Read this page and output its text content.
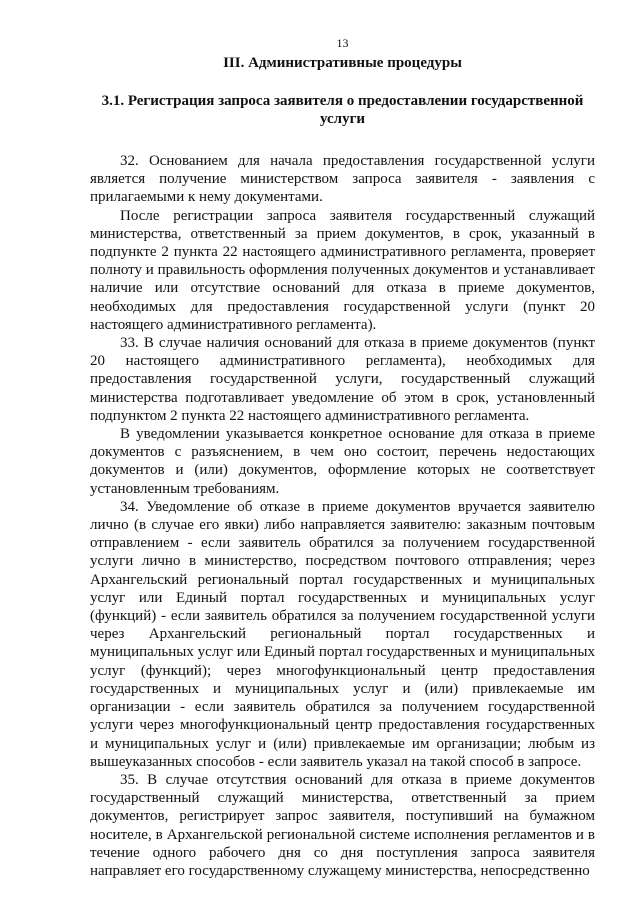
13
III. Административные процедуры
3.1. Регистрация запроса заявителя о предоставлении государственной услуги

32. Основанием для начала предоставления государственной услуги является получение министерством запроса заявителя - заявления с прилагаемыми к нему документами.

После регистрации запроса заявителя государственный служащий министерства, ответственный за прием документов, в срок, указанный в подпункте 2 пункта 22 настоящего административного регламента, проверяет полноту и правильность оформления полученных документов и устанавливает наличие или отсутствие оснований для отказа в приеме документов, необходимых для предоставления государственной услуги (пункт 20 настоящего административного регламента).

33. В случае наличия оснований для отказа в приеме документов (пункт 20 настоящего административного регламента), необходимых для предоставления государственной услуги, государственный служащий министерства подготавливает уведомление об этом в срок, установленный подпунктом 2 пункта 22 настоящего административного регламента.

В уведомлении указывается конкретное основание для отказа в приеме документов с разъяснением, в чем оно состоит, перечень недостающих документов и (или) документов, оформление которых не соответствует установленным требованиям.

34. Уведомление об отказе в приеме документов вручается заявителю лично (в случае его явки) либо направляется заявителю: заказным почтовым отправлением - если заявитель обратился за получением государственной услуги лично в министерство, посредством почтового отправления; через Архангельский региональный портал государственных и муниципальных услуг или Единый портал государственных и муниципальных услуг (функций) - если заявитель обратился за получением государственной услуги через Архангельский региональный портал государственных и муниципальных услуг или Единый портал государственных и муниципальных услуг (функций); через многофункциональный центр предоставления государственных и муниципальных услуг и (или) привлекаемые им организации - если заявитель обратился за получением государственной услуги через многофункциональный центр предоставления государственных и муниципальных услуг и (или) привлекаемые им организации; любым из вышеуказанных способов - если заявитель указал на такой способ в запросе.

35. В случае отсутствия оснований для отказа в приеме документов государственный служащий министерства, ответственный за прием документов, регистрирует запрос заявителя, поступивший на бумажном носителе, в Архангельской региональной системе исполнения регламентов и в течение одного рабочего дня со дня поступления запроса заявителя направляет его государственному служащему министерства, непосредственно
